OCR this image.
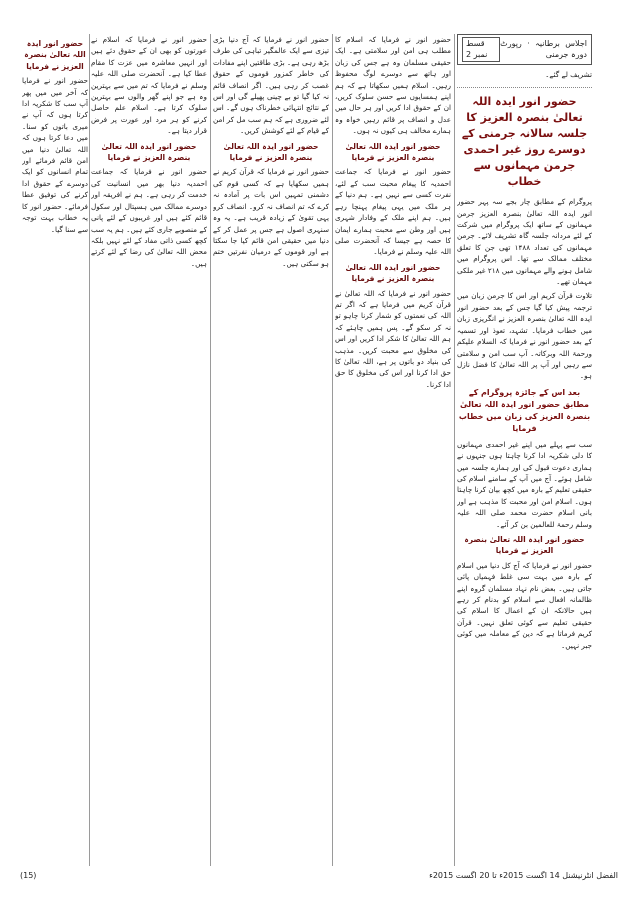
اجلاس برطانیہ · رپورٹ دورہ جرمنی
قسط نمبر 2

تشریف لے گئے۔

حضور انور ایدہ اللہ تعالیٰ بنصرہ العزیز کا جلسہ سالانہ جرمنی کے دوسرے روز غیر احمدی جرمن مہمانوں سے خطاب

پروگرام کے مطابق چار بجے سہ پہر حضور انور ایدہ اللہ تعالیٰ بنصرہ العزیز جرمن مہمانوں کے ساتھ ایک پروگرام میں شرکت کے لئے مردانہ جلسہ گاہ تشریف لائے۔ جرمن مہمانوں کی تعداد ۱۴۸۸ تھی جن کا تعلق مختلف ممالک سے تھا۔ اس پروگرام میں شامل ہونے والے مہمانوں میں ۲۱۸ غیر ملکی مہمان تھے۔

تلاوت قرآن کریم اور اس کا جرمن زبان میں ترجمہ پیش کیا گیا جس کے بعد حضور انور ایدہ اللہ تعالیٰ بنصرہ العزیز نے انگریزی زبان میں خطاب فرمایا۔ تشہد، تعوذ اور تسمیہ کے بعد حضور انور نے فرمایا کہ السلام علیکم ورحمۃ اللہ وبرکاتہ۔ آپ سب امن و سلامتی سے رہیں اور آپ پر اللہ تعالیٰ کا فضل نازل ہو۔

بعد اس کے جائزہ پروگرام کے مطابق حضور انور ایدہ اللہ تعالیٰ بنصرہ العزیز کی زبان میں خطاب فرمایا

سب سے پہلے میں اپنے غیر احمدی مہمانوں کا دلی شکریہ ادا کرنا چاہتا ہوں جنہوں نے ہماری دعوت قبول کی اور ہمارے جلسہ میں شامل ہوئے۔ آج میں آپ کے سامنے اسلام کی حقیقی تعلیم کے بارہ میں کچھ بیان کرنا چاہتا ہوں۔ اسلام امن اور محبت کا مذہب ہے اور بانی اسلام حضرت محمد صلی اللہ علیہ وسلم رحمۃ للعالمین بن کر آئے۔

حضور انور ایدہ اللہ تعالیٰ بنصرہ العزیز نے فرمایا

حضور انور نے فرمایا کہ آج کل دنیا میں اسلام کے بارہ میں بہت سی غلط فہمیاں پائی جاتی ہیں۔ بعض نام نہاد مسلمان گروہ اپنے ظالمانہ افعال سے اسلام کو بدنام کر رہے ہیں حالانکہ ان کے اعمال کا اسلام کی حقیقی تعلیم سے کوئی تعلق نہیں۔ قرآن کریم فرماتا ہے کہ دین کے معاملہ میں کوئی جبر نہیں۔

حضور انور نے فرمایا کہ اسلام کا مطلب ہی امن اور سلامتی ہے۔ ایک حقیقی مسلمان وہ ہے جس کی زبان اور ہاتھ سے دوسرے لوگ محفوظ رہیں۔ اسلام ہمیں سکھاتا ہے کہ ہم اپنے ہمسایوں سے حسن سلوک کریں، ان کے حقوق ادا کریں اور ہر حال میں عدل و انصاف پر قائم رہیں خواہ وہ ہمارے مخالف ہی کیوں نہ ہوں۔

حضور انور ایدہ اللہ تعالیٰ بنصرہ العزیز نے فرمایا

حضور انور نے فرمایا کہ جماعت احمدیہ کا پیغام محبت سب کے لئے، نفرت کسی سے نہیں ہے۔ ہم دنیا کے ہر ملک میں یہی پیغام پہنچا رہے ہیں۔ ہم اپنے ملک کے وفادار شہری ہیں اور وطن سے محبت ہمارے ایمان کا حصہ ہے جیسا کہ آنحضرت صلی اللہ علیہ وسلم نے فرمایا۔

حضور انور ایدہ اللہ تعالیٰ بنصرہ العزیز نے فرمایا

حضور انور نے فرمایا کہ اللہ تعالیٰ نے قرآن کریم میں فرمایا ہے کہ اگر تم اللہ کی نعمتوں کو شمار کرنا چاہو تو نہ کر سکو گے۔ پس ہمیں چاہئے کہ ہم اللہ تعالیٰ کا شکر ادا کریں اور اس کی مخلوق سے محبت کریں۔ مذہب کی بنیاد دو باتوں پر ہے، اللہ تعالیٰ کا حق ادا کرنا اور اس کی مخلوق کا حق ادا کرنا۔

حضور انور نے فرمایا کہ آج دنیا بڑی تیزی سے ایک عالمگیر تباہی کی طرف بڑھ رہی ہے۔ بڑی طاقتیں اپنے مفادات کی خاطر کمزور قوموں کے حقوق غصب کر رہی ہیں۔ اگر انصاف قائم نہ کیا گیا تو بے چینی پھیلے گی اور اس کے نتائج انتہائی خطرناک ہوں گے۔ اس لئے ضروری ہے کہ ہم سب مل کر امن کے قیام کے لئے کوشش کریں۔

حضور انور ایدہ اللہ تعالیٰ بنصرہ العزیز نے فرمایا

حضور انور نے فرمایا کہ قرآن کریم نے ہمیں سکھایا ہے کہ کسی قوم کی دشمنی تمہیں اس بات پر آمادہ نہ کرے کہ تم انصاف نہ کرو۔ انصاف کرو یہی تقویٰ کے زیادہ قریب ہے۔ یہ وہ سنہری اصول ہے جس پر عمل کر کے دنیا میں حقیقی امن قائم کیا جا سکتا ہے اور قوموں کے درمیان نفرتیں ختم ہو سکتی ہیں۔

حضور انور نے فرمایا کہ اسلام نے عورتوں کو بھی ان کے حقوق دئے ہیں اور انہیں معاشرہ میں عزت کا مقام عطا کیا ہے۔ آنحضرت صلی اللہ علیہ وسلم نے فرمایا کہ تم میں سے بہترین وہ ہے جو اپنے گھر والوں سے بہترین سلوک کرتا ہے۔ اسلام علم حاصل کرنے کو ہر مرد اور عورت پر فرض قرار دیتا ہے۔

حضور انور ایدہ اللہ تعالیٰ بنصرہ العزیز نے فرمایا

حضور انور نے فرمایا کہ جماعت احمدیہ دنیا بھر میں انسانیت کی خدمت کر رہی ہے۔ ہم نے افریقہ اور دوسرے ممالک میں ہسپتال اور سکول قائم کئے ہیں اور غریبوں کے لئے پانی کے منصوبے جاری کئے ہیں۔ ہم یہ سب کچھ کسی ذاتی مفاد کے لئے نہیں بلکہ محض اللہ تعالیٰ کی رضا کے لئے کرتے ہیں۔

حضور انور ایدہ اللہ تعالیٰ بنصرہ العزیز نے فرمایا

حضور انور نے فرمایا کہ آخر میں میں پھر آپ سب کا شکریہ ادا کرتا ہوں کہ آپ نے میری باتوں کو سنا۔ میں دعا کرتا ہوں کہ اللہ تعالیٰ دنیا میں امن قائم فرمائے اور تمام انسانوں کو ایک دوسرے کے حقوق ادا کرنے کی توفیق عطا فرمائے۔ حضور انور کا یہ خطاب بہت توجہ سے سنا گیا۔

(15)	الفضل انٹرنیشنل 14 اگست 2015ء تا 20 اگست 2015ء
